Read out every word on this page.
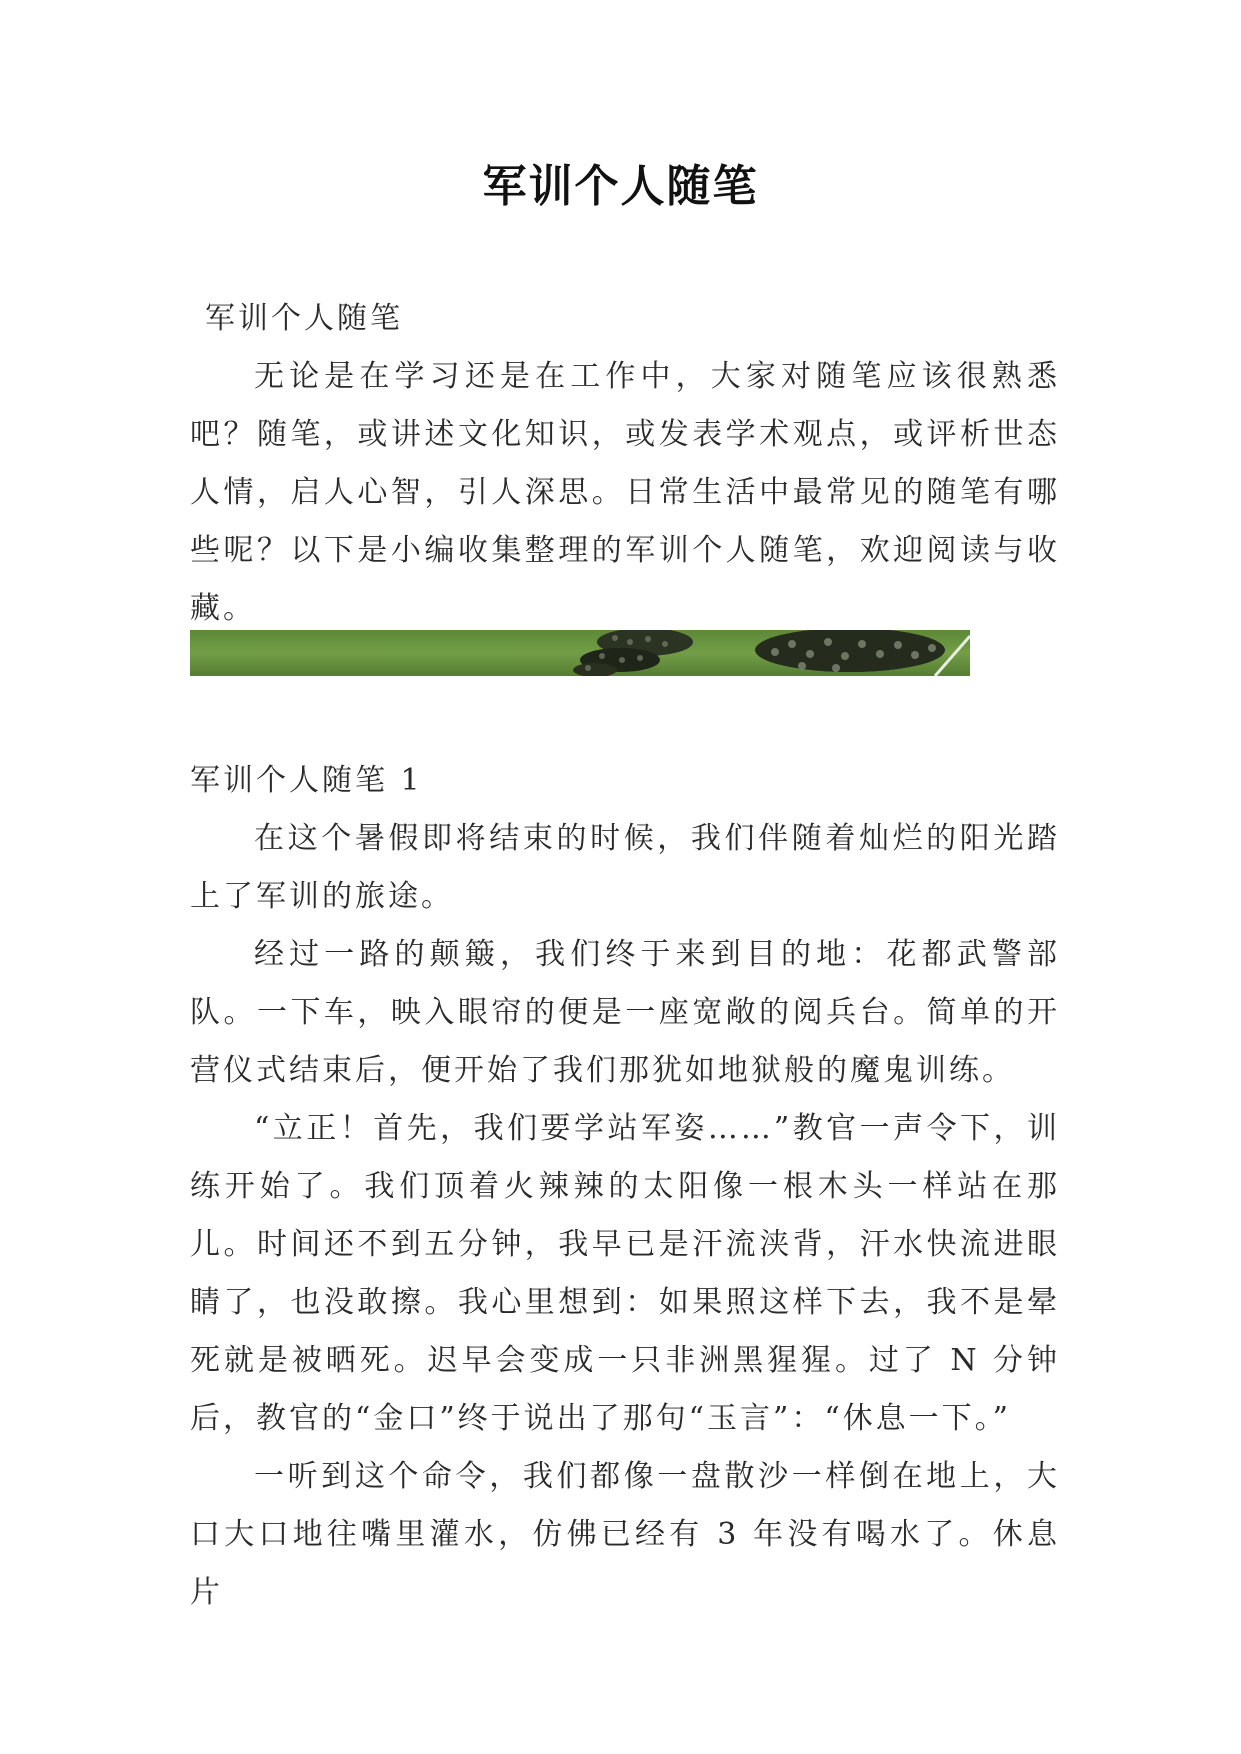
军训个人随笔
军训个人随笔
无论是在学习还是在工作中，大家对随笔应该很熟悉吧？随笔，或讲述文化知识，或发表学术观点，或评析世态人情，启人心智，引人深思。日常生活中最常见的随笔有哪些呢？以下是小编收集整理的军训个人随笔，欢迎阅读与收藏。
军训个人随笔 1

在这个暑假即将结束的时候，我们伴随着灿烂的阳光踏上了军训的旅途。

经过一路的颠簸，我们终于来到目的地：花都武警部队。一下车，映入眼帘的便是一座宽敞的阅兵台。简单的开营仪式结束后，便开始了我们那犹如地狱般的魔鬼训练。

“立正！首先，我们要学站军姿……”教官一声令下，训练开始了。我们顶着火辣辣的太阳像一根木头一样站在那儿。时间还不到五分钟，我早已是汗流浃背，汗水快流进眼睛了，也没敢擦。我心里想到：如果照这样下去，我不是晕死就是被晒死。迟早会变成一只非洲黑猩猩。过了 N 分钟后，教官的“金口”终于说出了那句“玉言”：“休息一下。”

一听到这个命令，我们都像一盘散沙一样倒在地上，大口大口地往嘴里灌水，仿佛已经有 3 年没有喝水了。休息片
